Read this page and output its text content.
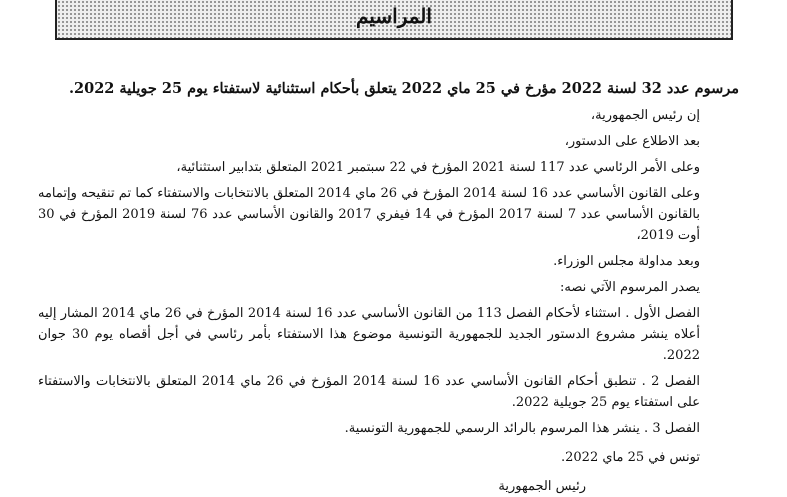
المراسيم

مرسوم عدد 32 لسنة 2022 مؤرخ في 25 ماي 2022 يتعلق بأحكام استثنائية لاستفتاء يوم 25 جويلية 2022.

إن رئيس الجمهورية،

بعد الاطلاع على الدستور،

وعلى الأمر الرئاسي عدد 117 لسنة 2021 المؤرخ في 22 سبتمبر 2021 المتعلق بتدابير استثنائية،

وعلى القانون الأساسي عدد 16 لسنة 2014 المؤرخ في 26 ماي 2014 المتعلق بالانتخابات والاستفتاء كما تم تنقيحه وإتمامه بالقانون الأساسي عدد 7 لسنة 2017 المؤرخ في 14 فيفري 2017 والقانون الأساسي عدد 76 لسنة 2019 المؤرخ في 30 أوت 2019،

وبعد مداولة مجلس الوزراء.

يصدر المرسوم الآتي نصه:

الفصل الأول . استثناء لأحكام الفصل 113 من القانون الأساسي عدد 16 لسنة 2014 المؤرخ في 26 ماي 2014 المشار إليه أعلاه ينشر مشروع الدستور الجديد للجمهورية التونسية موضوع هذا الاستفتاء بأمر رئاسي في أجل أقصاه يوم 30 جوان 2022.

الفصل 2 . تنطبق أحكام القانون الأساسي عدد 16 لسنة 2014 المؤرخ في 26 ماي 2014 المتعلق بالانتخابات والاستفتاء على استفتاء يوم 25 جويلية 2022.

الفصل 3 . ينشر هذا المرسوم بالرائد الرسمي للجمهورية التونسية.

تونس في 25 ماي 2022.

رئيس الجمهورية
